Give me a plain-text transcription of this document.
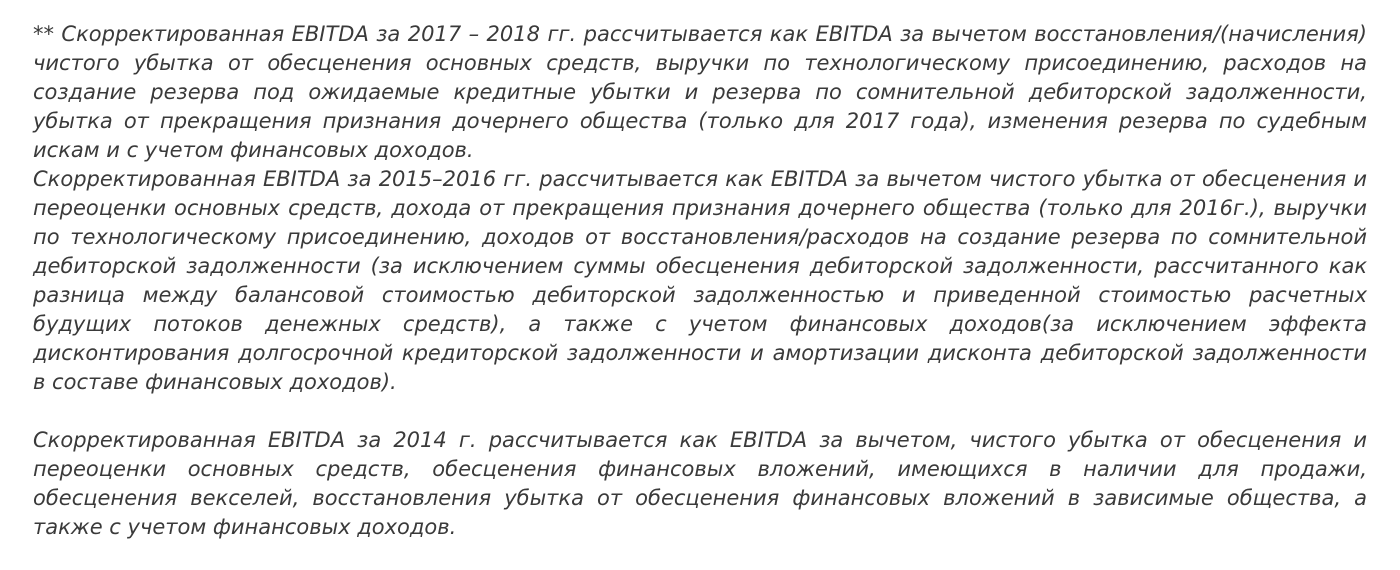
** Скорректированная EBITDA за 2017 – 2018 гг. рассчитывается как EBITDA за вычетом восстановления/(начисления) чистого убытка от обесценения основных средств, выручки по технологическому присоединению, расходов на создание резерва под ожидаемые кредитные убытки и резерва по сомнительной дебиторской задолженности, убытка от прекращения признания дочернего общества (только для 2017 года), изменения резерва по судебным искам и с учетом финансовых доходов.

Скорректированная EBITDA за 2015–2016 гг. рассчитывается как EBITDA за вычетом чистого убытка от обесценения и переоценки основных средств, дохода от прекращения признания дочернего общества (только для 2016г.), выручки по технологическому присоединению, доходов от восстановления/расходов на создание резерва по сомнительной дебиторской задолженности (за исключением суммы обесценения дебиторской задолженности, рассчитанного как разница между балансовой стоимостью дебиторской задолженностью и приведенной стоимостью расчетных будущих потоков денежных средств), а также с учетом финансовых доходов(за исключением эффекта дисконтирования долгосрочной кредиторской задолженности и амортизации дисконта дебиторской задолженности в составе финансовых доходов).

Скорректированная EBITDA за 2014 г. рассчитывается как EBITDA за вычетом, чистого убытка от обесценения и переоценки основных средств, обесценения финансовых вложений, имеющихся в наличии для продажи, обесценения векселей, восстановления убытка от обесценения финансовых вложений в зависимые общества, а также с учетом финансовых доходов.
